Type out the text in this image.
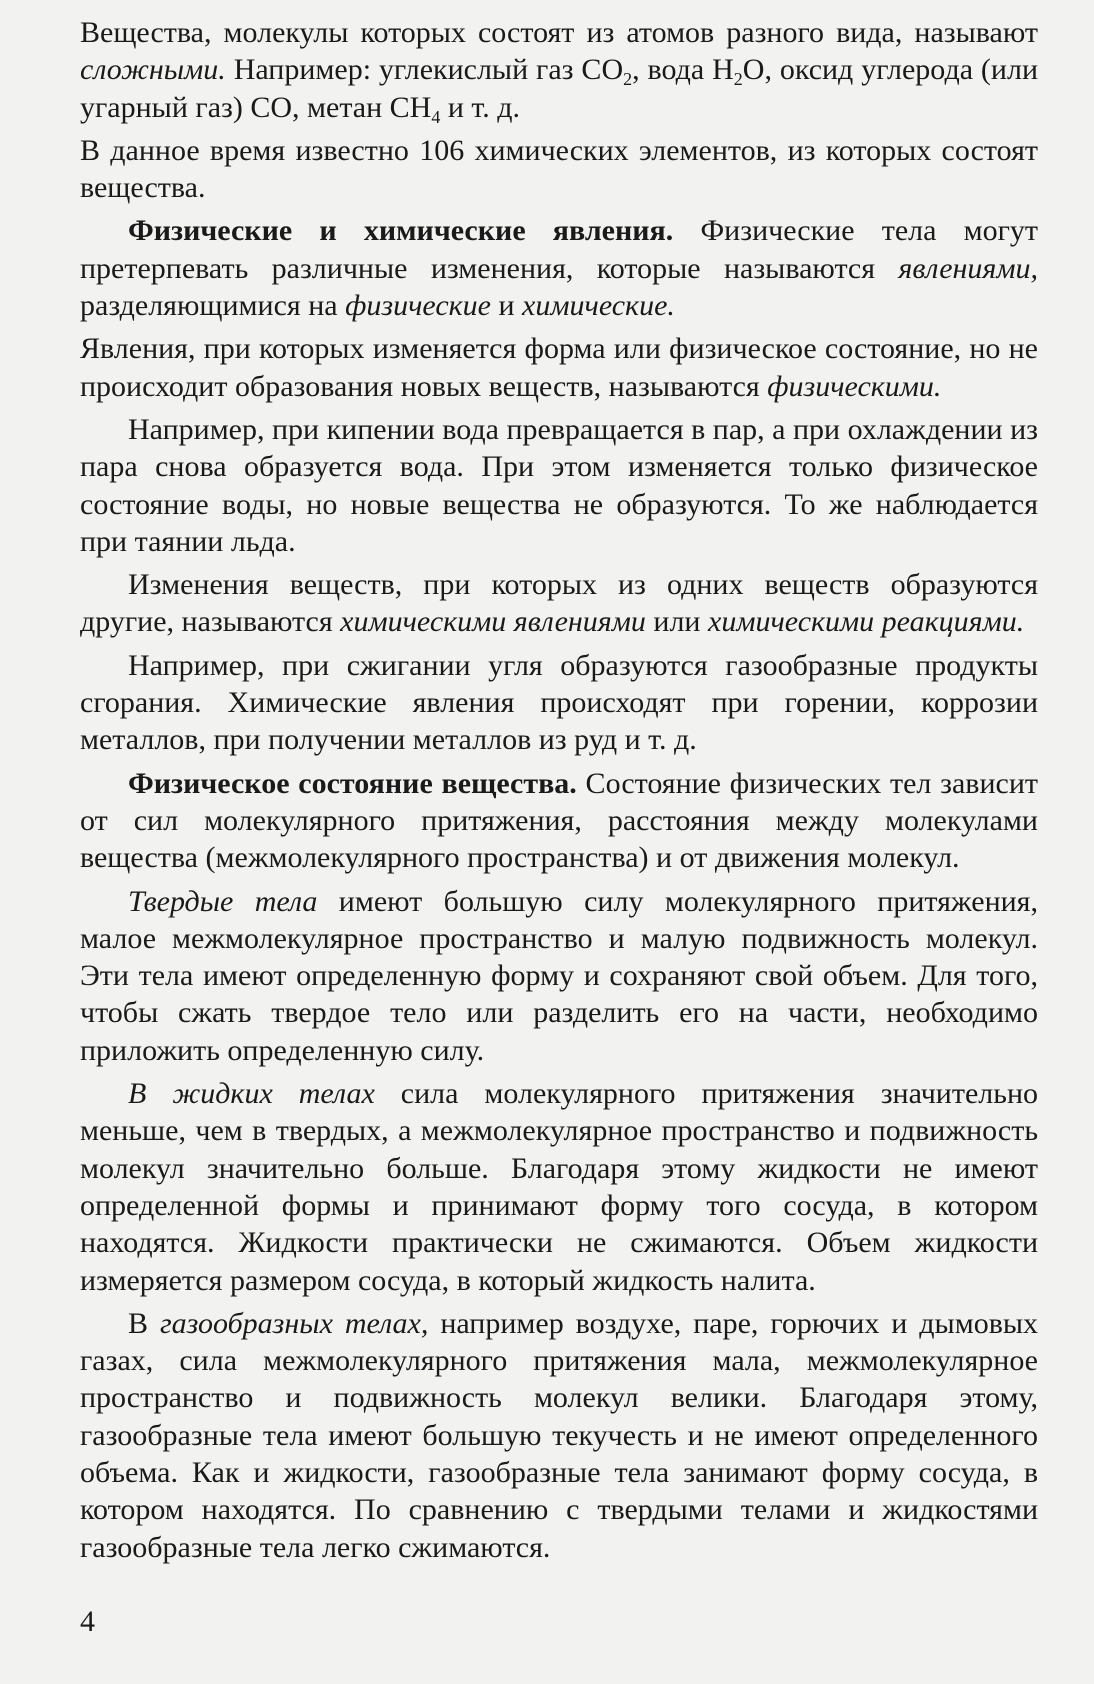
Вещества, молекулы которых состоят из атомов разного вида, называют сложными. Например: углекислый газ $СО_2$, вода $Н_2О$, оксид углерода (или угарный газ) СО, метан $СН_4$ и т. д.

В данное время известно 106 химических элементов, из которых состоят вещества.

Физические и химические явления. Физические тела могут претерпевать различные изменения, которые называются явлениями, разделяющимися на физические и химические.

Явления, при которых изменяется форма или физическое состояние, но не происходит образования новых веществ, называются физическими.

Например, при кипении вода превращается в пар, а при охлаждении из пара снова образуется вода. При этом изменяется только физическое состояние воды, но новые вещества не образуются. То же наблюдается при таянии льда.

Изменения веществ, при которых из одних веществ образуются другие, называются химическими явлениями или химическими реакциями.

Например, при сжигании угля образуются газообразные продукты сгорания. Химические явления происходят при горении, коррозии металлов, при получении металлов из руд и т. д.

Физическое состояние вещества. Состояние физических тел зависит от сил молекулярного притяжения, расстояния между молекулами вещества (межмолекулярного пространства) и от движения молекул.

Твердые тела имеют большую силу молекулярного притяжения, малое межмолекулярное пространство и малую подвижность молекул. Эти тела имеют определенную форму и сохраняют свой объем. Для того, чтобы сжать твердое тело или разделить его на части, необходимо приложить определенную силу.

В жидких телах сила молекулярного притяжения значительно меньше, чем в твердых, а межмолекулярное пространство и подвижность молекул значительно больше. Благодаря этому жидкости не имеют определенной формы и принимают форму того сосуда, в котором находятся. Жидкости практически не сжимаются. Объем жидкости измеряется размером сосуда, в который жидкость налита.

В газообразных телах, например воздухе, паре, горючих и дымовых газах, сила межмолекулярного притяжения мала, межмолекулярное пространство и подвижность молекул велики. Благодаря этому, газообразные тела имеют большую текучесть и не имеют определенного объема. Как и жидкости, газообразные тела занимают форму сосуда, в котором находятся. По сравнению с твердыми телами и жидкостями газообразные тела легко сжимаются.

4
